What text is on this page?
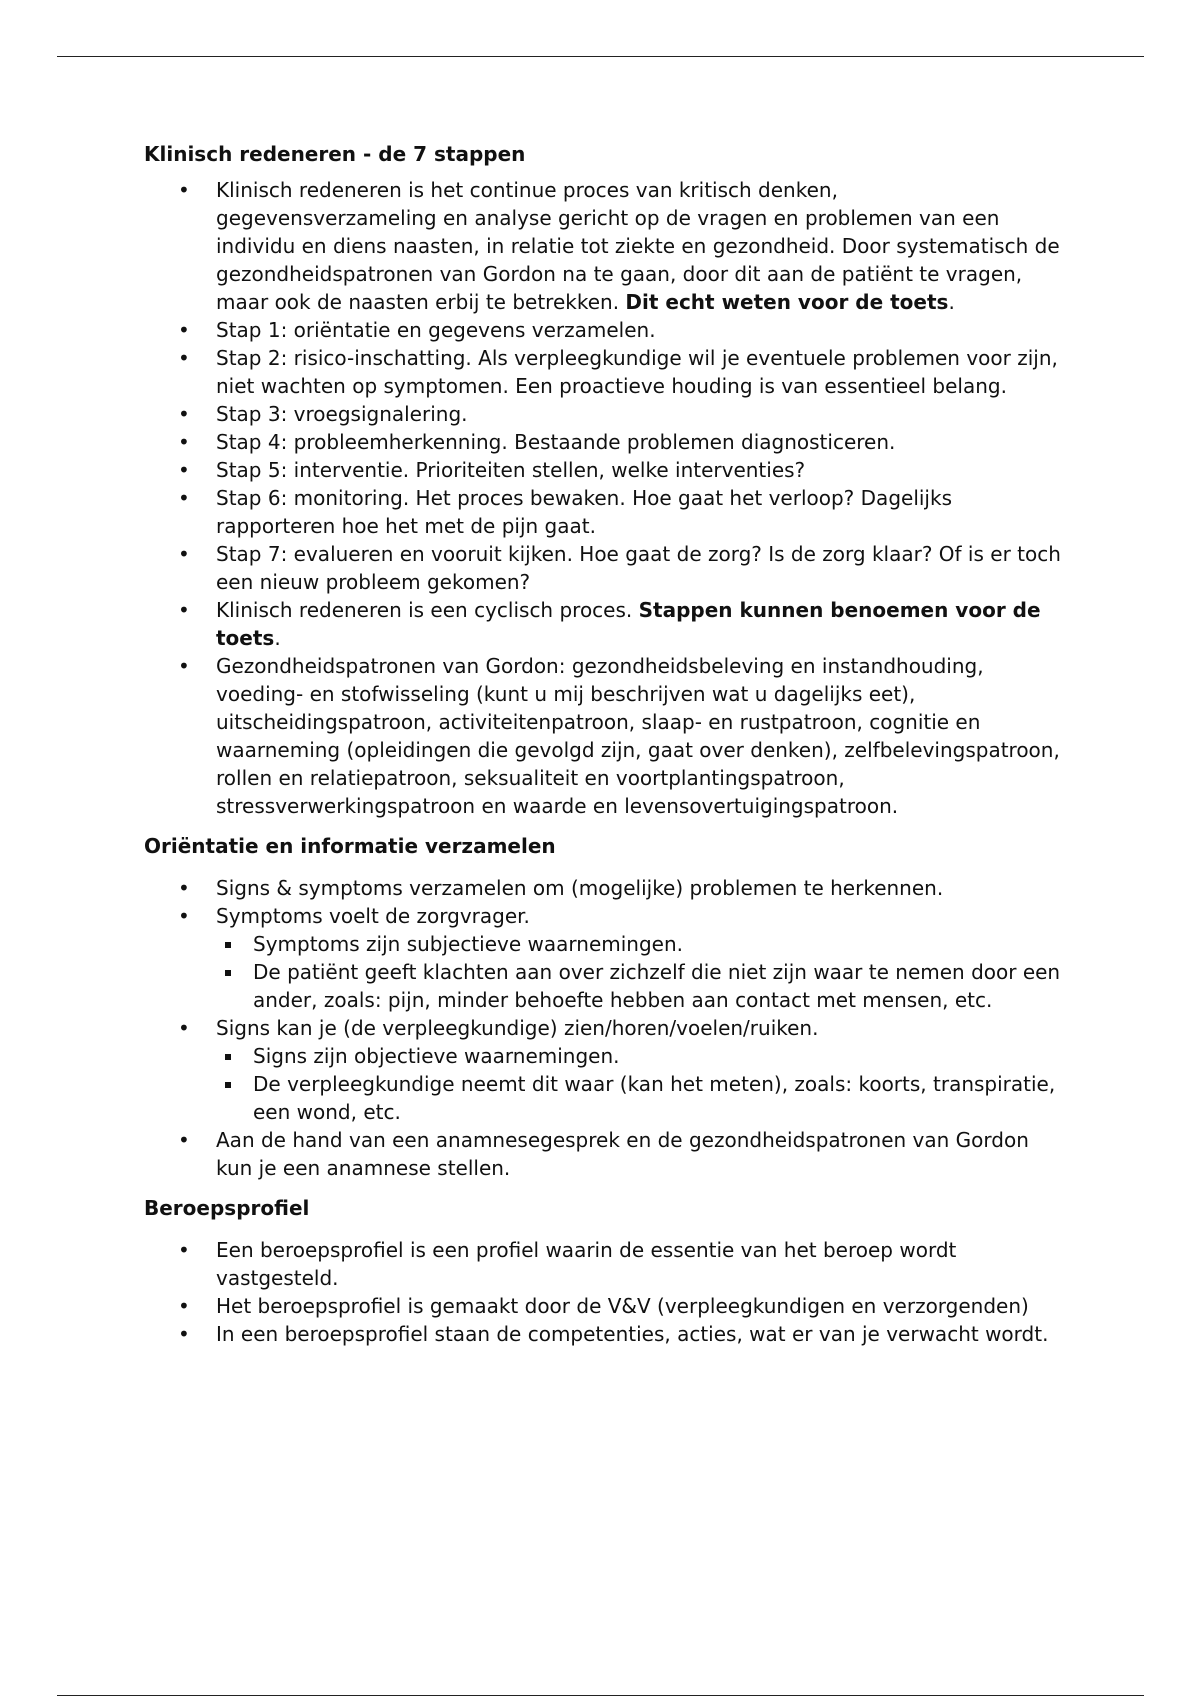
Klinisch redeneren - de 7 stappen
• Klinisch redeneren is het continue proces van kritisch denken, gegevensverzameling en analyse gericht op de vragen en problemen van een individu en diens naasten, in relatie tot ziekte en gezondheid. Door systematisch de gezondheidspatronen van Gordon na te gaan, door dit aan de patiënt te vragen, maar ook de naasten erbij te betrekken. Dit echt weten voor de toets.
• Stap 1: oriëntatie en gegevens verzamelen.
• Stap 2: risico-inschatting. Als verpleegkundige wil je eventuele problemen voor zijn, niet wachten op symptomen. Een proactieve houding is van essentieel belang.
• Stap 3: vroegsignalering.
• Stap 4: probleemherkenning. Bestaande problemen diagnosticeren.
• Stap 5: interventie. Prioriteiten stellen, welke interventies?
• Stap 6: monitoring. Het proces bewaken. Hoe gaat het verloop? Dagelijks rapporteren hoe het met de pijn gaat.
• Stap 7: evalueren en vooruit kijken. Hoe gaat de zorg? Is de zorg klaar? Of is er toch een nieuw probleem gekomen?
• Klinisch redeneren is een cyclisch proces. Stappen kunnen benoemen voor de toets.
• Gezondheidspatronen van Gordon: gezondheidsbeleving en instandhouding, voeding- en stofwisseling (kunt u mij beschrijven wat u dagelijks eet), uitscheidingspatroon, activiteitenpatroon, slaap- en rustpatroon, cognitie en waarneming (opleidingen die gevolgd zijn, gaat over denken), zelfbelevingspatroon, rollen en relatiepatroon, seksualiteit en voortplantingspatroon, stressverwerkingspatroon en waarde en levensovertuigingspatroon.
Oriëntatie en informatie verzamelen
• Signs & symptoms verzamelen om (mogelijke) problemen te herkennen.
• Symptoms voelt de zorgvrager.
Symptoms zijn subjectieve waarnemingen.
De patiënt geeft klachten aan over zichzelf die niet zijn waar te nemen door een ander, zoals: pijn, minder behoefte hebben aan contact met mensen, etc.
• Signs kan je (de verpleegkundige) zien/horen/voelen/ruiken.
Signs zijn objectieve waarnemingen.
De verpleegkundige neemt dit waar (kan het meten), zoals: koorts, transpiratie, een wond, etc.
• Aan de hand van een anamnesegesprek en de gezondheidspatronen van Gordon kun je een anamnese stellen.
Beroepsprofiel
• Een beroepsprofiel is een profiel waarin de essentie van het beroep wordt vastgesteld.
• Het beroepsprofiel is gemaakt door de V&V (verpleegkundigen en verzorgenden)
• In een beroepsprofiel staan de competenties, acties, wat er van je verwacht wordt.
